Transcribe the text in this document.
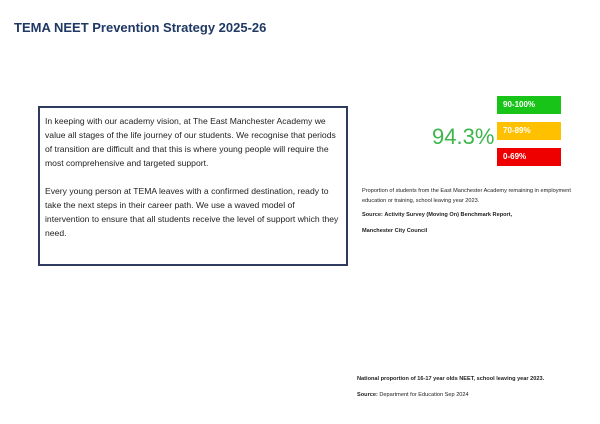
TEMA NEET Prevention Strategy 2025-26

In keeping with our academy vision, at The East Manchester Academy we value all stages of the life journey of our students. We recognise that periods of transition are difficult and that this is where young people will require the most comprehensive and targeted support.

Every young person at TEMA leaves with a confirmed destination, ready to take the next steps in their career path. We use a waved model of intervention to ensure that all students receive the level of support which they need.

94.3%
90-100%
70-89%
0-69%
Proportion of students from the East Manchester Academy remaining in employment education or training, school leaving year 2023.
Source: Activity Survey (Moving On) Benchmark Report,
Manchester City Council
National proportion of 16-17 year olds NEET, school leaving year 2023.
Source: Department for Education Sep 2024
